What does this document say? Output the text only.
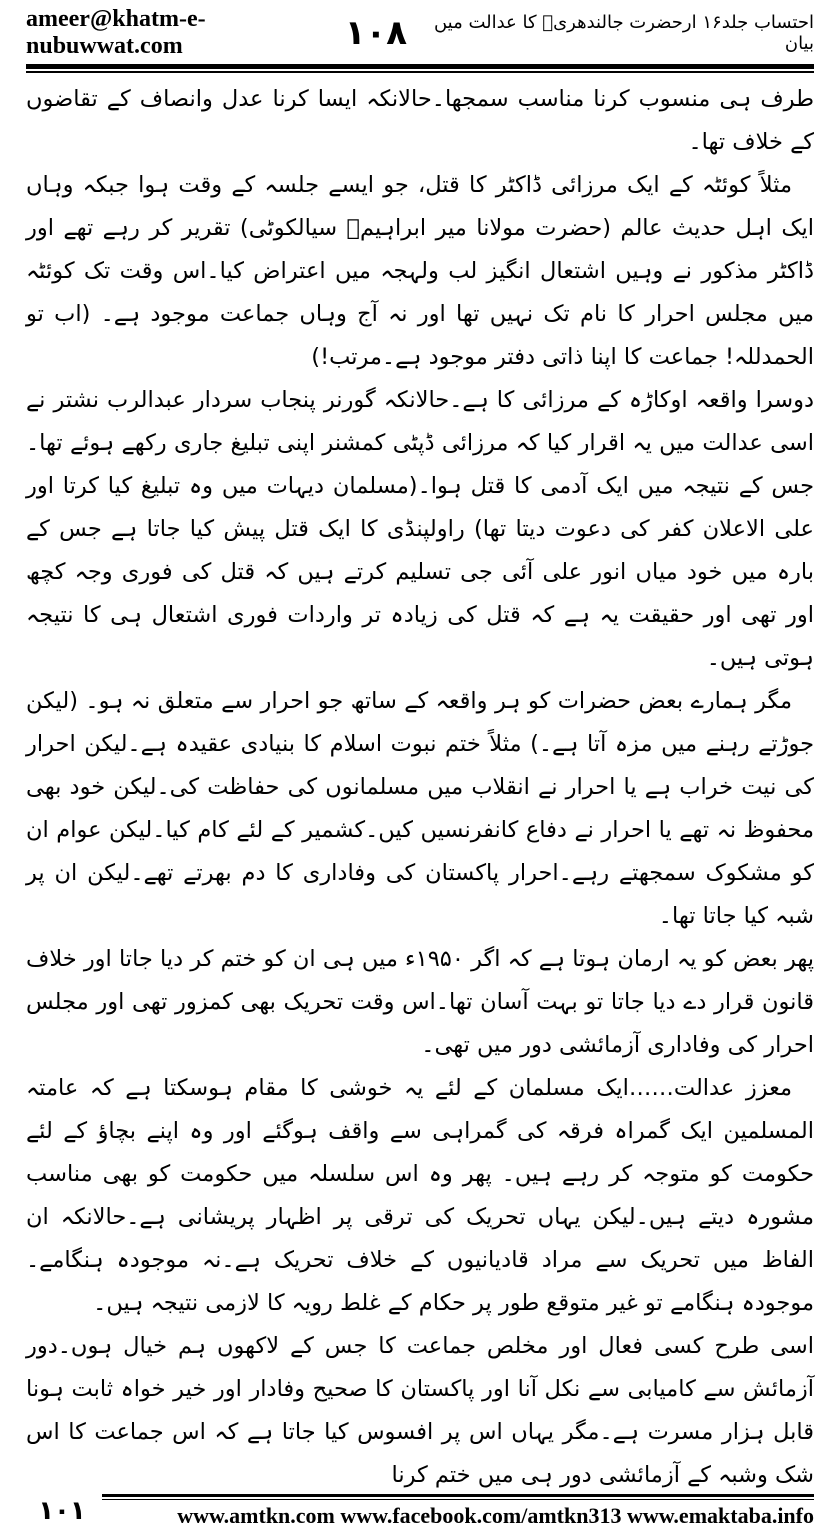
ameer@khatm-e-nubuwwat.com	١٠٨	احتساب جلد۱۶ ارحضرت جالندھریؒ کا عدالت میں بیان

طرف ہی منسوب کرنا مناسب سمجھا۔حالانکہ ایسا کرنا عدل وانصاف کے تقاضوں کے خلاف تھا۔

مثلاً کوئٹہ کے ایک مرزائی ڈاکٹر کا قتل، جو ایسے جلسہ کے وقت ہوا جبکہ وہاں ایک اہل حدیث عالم (حضرت مولانا میر ابراہیمؒ سیالکوٹی) تقریر کر رہے تھے اور ڈاکٹر مذکور نے وہیں اشتعال انگیز لب ولہجہ میں اعتراض کیا۔اس وقت تک کوئٹہ میں مجلس احرار کا نام تک نہیں تھا اور نہ آج وہاں جماعت موجود ہے۔ (اب تو الحمدللہ! جماعت کا اپنا ذاتی دفتر موجود ہے۔مرتب!)

دوسرا واقعہ اوکاڑہ کے مرزائی کا ہے۔حالانکہ گورنر پنجاب سردار عبدالرب نشتر نے اسی عدالت میں یہ اقرار کیا کہ مرزائی ڈپٹی کمشنر اپنی تبلیغ جاری رکھے ہوئے تھا۔جس کے نتیجہ میں ایک آدمی کا قتل ہوا۔(مسلمان دیہات میں وہ تبلیغ کیا کرتا اور علی الاعلان کفر کی دعوت دیتا تھا) راولپنڈی کا ایک قتل پیش کیا جاتا ہے جس کے بارہ میں خود میاں انور علی آئی جی تسلیم کرتے ہیں کہ قتل کی فوری وجہ کچھ اور تھی اور حقیقت یہ ہے کہ قتل کی زیادہ تر واردات فوری اشتعال ہی کا نتیجہ ہوتی ہیں۔

مگر ہمارے بعض حضرات کو ہر واقعہ کے ساتھ جو احرار سے متعلق نہ ہو۔ (لیکن جوڑتے رہنے میں مزہ آتا ہے۔) مثلاً ختم نبوت اسلام کا بنیادی عقیدہ ہے۔لیکن احرار کی نیت خراب ہے یا احرار نے انقلاب میں مسلمانوں کی حفاظت کی۔لیکن خود بھی محفوظ نہ تھے یا احرار نے دفاع کانفرنسیں کیں۔کشمیر کے لئے کام کیا۔لیکن عوام ان کو مشکوک سمجھتے رہے۔احرار پاکستان کی وفاداری کا دم بھرتے تھے۔لیکن ان پر شبہ کیا جاتا تھا۔

پھر بعض کو یہ ارمان ہوتا ہے کہ اگر ۱۹۵۰ء میں ہی ان کو ختم کر دیا جاتا اور خلاف قانون قرار دے دیا جاتا تو بہت آسان تھا۔اس وقت تحریک بھی کمزور تھی اور مجلس احرار کی وفاداری آزمائشی دور میں تھی۔

معزز عدالت……ایک مسلمان کے لئے یہ خوشی کا مقام ہوسکتا ہے کہ عامتہ المسلمین ایک گمراہ فرقہ کی گمراہی سے واقف ہوگئے اور وہ اپنے بچاؤ کے لئے حکومت کو متوجہ کر رہے ہیں۔ پھر وہ اس سلسلہ میں حکومت کو بھی مناسب مشورہ دیتے ہیں۔لیکن یہاں تحریک کی ترقی پر اظہار پریشانی ہے۔حالانکہ ان الفاظ میں تحریک سے مراد قادیانیوں کے خلاف تحریک ہے۔نہ موجودہ ہنگامے۔موجودہ ہنگامے تو غیر متوقع طور پر حکام کے غلط رویہ کا لازمی نتیجہ ہیں۔

اسی طرح کسی فعال اور مخلص جماعت کا جس کے لاکھوں ہم خیال ہوں۔دور آزمائش سے کامیابی سے نکل آنا اور پاکستان کا صحیح وفادار اور خیر خواہ ثابت ہونا قابل ہزار مسرت ہے۔مگر یہاں اس پر افسوس کیا جاتا ہے کہ اس جماعت کا اس شک وشبہ کے آزمائشی دور ہی میں ختم کرنا

١٠١	www.amtkn.com www.facebook.com/amtkn313 www.emaktaba.info
